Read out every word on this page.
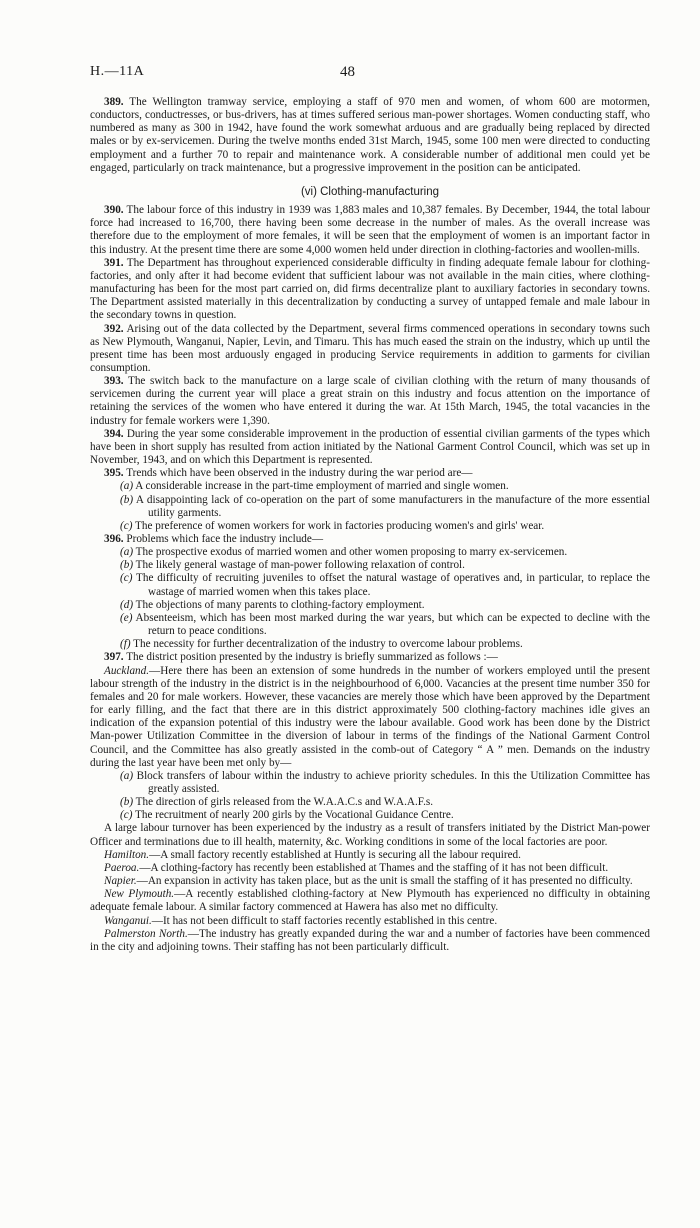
H.—11A	48

389. The Wellington tramway service, employing a staff of 970 men and women, of whom 600 are motormen, conductors, conductresses, or bus-drivers, has at times suffered serious man-power shortages. Women conducting staff, who numbered as many as 300 in 1942, have found the work somewhat arduous and are gradually being replaced by directed males or by ex-servicemen. During the twelve months ended 31st March, 1945, some 100 men were directed to conducting employment and a further 70 to repair and maintenance work. A considerable number of additional men could yet be engaged, particularly on track maintenance, but a progressive improvement in the position can be anticipated.

(vi) Clothing-manufacturing

390. The labour force of this industry in 1939 was 1,883 males and 10,387 females. By December, 1944, the total labour force had increased to 16,700, there having been some decrease in the number of males. As the overall increase was therefore due to the employment of more females, it will be seen that the employment of women is an important factor in this industry. At the present time there are some 4,000 women held under direction in clothing-factories and woollen-mills.

391. The Department has throughout experienced considerable difficulty in finding adequate female labour for clothing-factories, and only after it had become evident that sufficient labour was not available in the main cities, where clothing-manufacturing has been for the most part carried on, did firms decentralize plant to auxiliary factories in secondary towns. The Department assisted materially in this decentralization by conducting a survey of untapped female and male labour in the secondary towns in question.

392. Arising out of the data collected by the Department, several firms commenced operations in secondary towns such as New Plymouth, Wanganui, Napier, Levin, and Timaru. This has much eased the strain on the industry, which up until the present time has been most arduously engaged in producing Service requirements in addition to garments for civilian consumption.

393. The switch back to the manufacture on a large scale of civilian clothing with the return of many thousands of servicemen during the current year will place a great strain on this industry and focus attention on the importance of retaining the services of the women who have entered it during the war. At 15th March, 1945, the total vacancies in the industry for female workers were 1,390.

394. During the year some considerable improvement in the production of essential civilian garments of the types which have been in short supply has resulted from action initiated by the National Garment Control Council, which was set up in November, 1943, and on which this Department is represented.

395. Trends which have been observed in the industry during the war period are—

(a) A considerable increase in the part-time employment of married and single women.

(b) A disappointing lack of co-operation on the part of some manufacturers in the manufacture of the more essential utility garments.

(c) The preference of women workers for work in factories producing women's and girls' wear.

396. Problems which face the industry include—

(a) The prospective exodus of married women and other women proposing to marry ex-servicemen.

(b) The likely general wastage of man-power following relaxation of control.

(c) The difficulty of recruiting juveniles to offset the natural wastage of operatives and, in particular, to replace the wastage of married women when this takes place.

(d) The objections of many parents to clothing-factory employment.

(e) Absenteeism, which has been most marked during the war years, but which can be expected to decline with the return to peace conditions.

(f) The necessity for further decentralization of the industry to overcome labour problems.

397. The district position presented by the industry is briefly summarized as follows :—

Auckland.—Here there has been an extension of some hundreds in the number of workers employed until the present labour strength of the industry in the district is in the neighbourhood of 6,000. Vacancies at the present time number 350 for females and 20 for male workers. However, these vacancies are merely those which have been approved by the Department for early filling, and the fact that there are in this district approximately 500 clothing-factory machines idle gives an indication of the expansion potential of this industry were the labour available. Good work has been done by the District Man-power Utilization Committee in the diversion of labour in terms of the findings of the National Garment Control Council, and the Committee has also greatly assisted in the comb-out of Category “ A ” men. Demands on the industry during the last year have been met only by—

(a) Block transfers of labour within the industry to achieve priority schedules. In this the Utilization Committee has greatly assisted.

(b) The direction of girls released from the W.A.A.C.s and W.A.A.F.s.

(c) The recruitment of nearly 200 girls by the Vocational Guidance Centre.

A large labour turnover has been experienced by the industry as a result of transfers initiated by the District Man-power Officer and terminations due to ill health, maternity, &c. Working conditions in some of the local factories are poor.

Hamilton.—A small factory recently established at Huntly is securing all the labour required.

Paeroa.—A clothing-factory has recently been established at Thames and the staffing of it has not been difficult.

Napier.—An expansion in activity has taken place, but as the unit is small the staffing of it has presented no difficulty.

New Plymouth.—A recently established clothing-factory at New Plymouth has experienced no difficulty in obtaining adequate female labour. A similar factory commenced at Hawera has also met no difficulty.

Wanganui.—It has not been difficult to staff factories recently established in this centre.

Palmerston North.—The industry has greatly expanded during the war and a number of factories have been commenced in the city and adjoining towns. Their staffing has not been particularly difficult.
